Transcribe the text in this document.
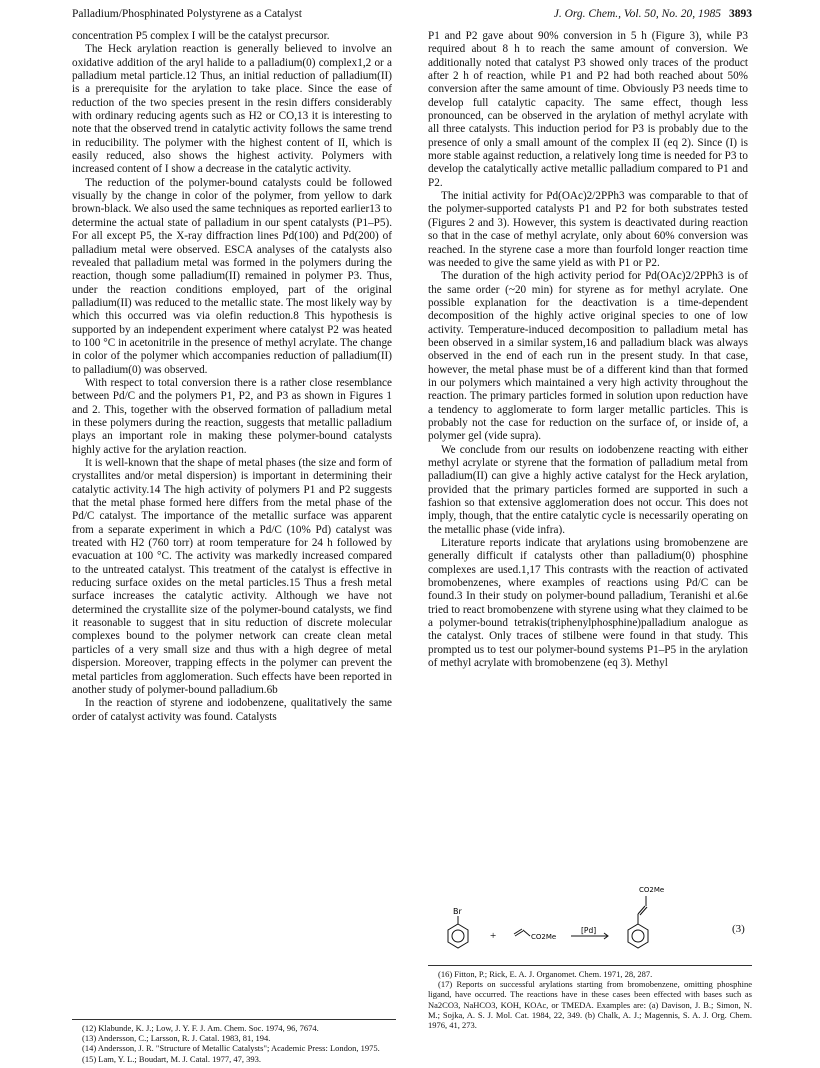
Palladium/Phosphinated Polystyrene as a Catalyst	J. Org. Chem., Vol. 50, No. 20, 1985 3893

concentration P5 complex I will be the catalyst precursor.

The Heck arylation reaction is generally believed to involve an oxidative addition of the aryl halide to a palladium(0) complex1,2 or a palladium metal particle.12 Thus, an initial reduction of palladium(II) is a prerequisite for the arylation to take place. Since the ease of reduction of the two species present in the resin differs considerably with ordinary reducing agents such as H2 or CO,13 it is interesting to note that the observed trend in catalytic activity follows the same trend in reducibility. The polymer with the highest content of II, which is easily reduced, also shows the highest activity. Polymers with increased content of I show a decrease in the catalytic activity.

The reduction of the polymer-bound catalysts could be followed visually by the change in color of the polymer, from yellow to dark brown-black. We also used the same techniques as reported earlier13 to determine the actual state of palladium in our spent catalysts (P1–P5). For all except P5, the X-ray diffraction lines Pd(100) and Pd(200) of palladium metal were observed. ESCA analyses of the catalysts also revealed that palladium metal was formed in the polymers during the reaction, though some palladium(II) remained in polymer P3. Thus, under the reaction conditions employed, part of the original palladium(II) was reduced to the metallic state. The most likely way by which this occurred was via olefin reduction.8 This hypothesis is supported by an independent experiment where catalyst P2 was heated to 100 °C in acetonitrile in the presence of methyl acrylate. The change in color of the polymer which accompanies reduction of palladium(II) to palladium(0) was observed.

With respect to total conversion there is a rather close resemblance between Pd/C and the polymers P1, P2, and P3 as shown in Figures 1 and 2. This, together with the observed formation of palladium metal in these polymers during the reaction, suggests that metallic palladium plays an important role in making these polymer-bound catalysts highly active for the arylation reaction.

It is well-known that the shape of metal phases (the size and form of crystallites and/or metal dispersion) is important in determining their catalytic activity.14 The high activity of polymers P1 and P2 suggests that the metal phase formed here differs from the metal phase of the Pd/C catalyst. The importance of the metallic surface was apparent from a separate experiment in which a Pd/C (10% Pd) catalyst was treated with H2 (760 torr) at room temperature for 24 h followed by evacuation at 100 °C. The activity was markedly increased compared to the untreated catalyst. This treatment of the catalyst is effective in reducing surface oxides on the metal particles.15 Thus a fresh metal surface increases the catalytic activity. Although we have not determined the crystallite size of the polymer-bound catalysts, we find it reasonable to suggest that in situ reduction of discrete molecular complexes bound to the polymer network can create clean metal particles of a very small size and thus with a high degree of metal dispersion. Moreover, trapping effects in the polymer can prevent the metal particles from agglomeration. Such effects have been reported in another study of polymer-bound palladium.6b

In the reaction of styrene and iodobenzene, qualitatively the same order of catalyst activity was found. Catalysts

P1 and P2 gave about 90% conversion in 5 h (Figure 3), while P3 required about 8 h to reach the same amount of conversion. We additionally noted that catalyst P3 showed only traces of the product after 2 h of reaction, while P1 and P2 had both reached about 50% conversion after the same amount of time. Obviously P3 needs time to develop full catalytic capacity. The same effect, though less pronounced, can be observed in the arylation of methyl acrylate with all three catalysts. This induction period for P3 is probably due to the presence of only a small amount of the complex II (eq 2). Since (I) is more stable against reduction, a relatively long time is needed for P3 to develop the catalytically active metallic palladium compared to P1 and P2.

The initial activity for Pd(OAc)2/2PPh3 was comparable to that of the polymer-supported catalysts P1 and P2 for both substrates tested (Figures 2 and 3). However, this system is deactivated during reaction so that in the case of methyl acrylate, only about 60% conversion was reached. In the styrene case a more than fourfold longer reaction time was needed to give the same yield as with P1 or P2.

The duration of the high activity period for Pd(OAc)2/2PPh3 is of the same order (~20 min) for styrene as for methyl acrylate. One possible explanation for the deactivation is a time-dependent decomposition of the highly active original species to one of low activity. Temperature-induced decomposition to palladium metal has been observed in a similar system,16 and palladium black was always observed in the end of each run in the present study. In that case, however, the metal phase must be of a different kind than that formed in our polymers which maintained a very high activity throughout the reaction. The primary particles formed in solution upon reduction have a tendency to agglomerate to form larger metallic particles. This is probably not the case for reduction on the surface of, or inside of, a polymer gel (vide supra).

We conclude from our results on iodobenzene reacting with either methyl acrylate or styrene that the formation of palladium metal from palladium(II) can give a highly active catalyst for the Heck arylation, provided that the primary particles formed are supported in such a fashion so that extensive agglomeration does not occur. This does not imply, though, that the entire catalytic cycle is necessarily operating on the metallic phase (vide infra).

Literature reports indicate that arylations using bromobenzene are generally difficult if catalysts other than palladium(0) phosphine complexes are used.1,17 This contrasts with the reaction of activated bromobenzenes, where examples of reactions using Pd/C can be found.3 In their study on polymer-bound palladium, Teranishi et al.6e tried to react bromobenzene with styrene using what they claimed to be a polymer-bound tetrakis(triphenylphosphine)palladium analogue as the catalyst. Only traces of stilbene were found in that study. This prompted us to test our polymer-bound systems P1–P5 in the arylation of methyl acrylate with bromobenzene (eq 3). Methyl

Br
+	CO2Me
[Pd]
CO2Me
(3)

(12) Klabunde, K. J.; Low, J. Y. F. J. Am. Chem. Soc. 1974, 96, 7674.

(13) Andersson, C.; Larsson, R. J. Catal. 1983, 81, 194.

(14) Andersson, J. R. "Structure of Metallic Catalysts"; Academic Press: London, 1975.

(15) Lam, Y. L.; Boudart, M. J. Catal. 1977, 47, 393.

(16) Fitton, P.; Rick, E. A. J. Organomet. Chem. 1971, 28, 287.

(17) Reports on successful arylations starting from bromobenzene, omitting phosphine ligand, have occurred. The reactions have in these cases been effected with bases such as Na2CO3, NaHCO3, KOH, KOAc, or TMEDA. Examples are: (a) Davison, J. B.; Simon, N. M.; Sojka, A. S. J. Mol. Cat. 1984, 22, 349. (b) Chalk, A. J.; Magennis, S. A. J. Org. Chem. 1976, 41, 273.
